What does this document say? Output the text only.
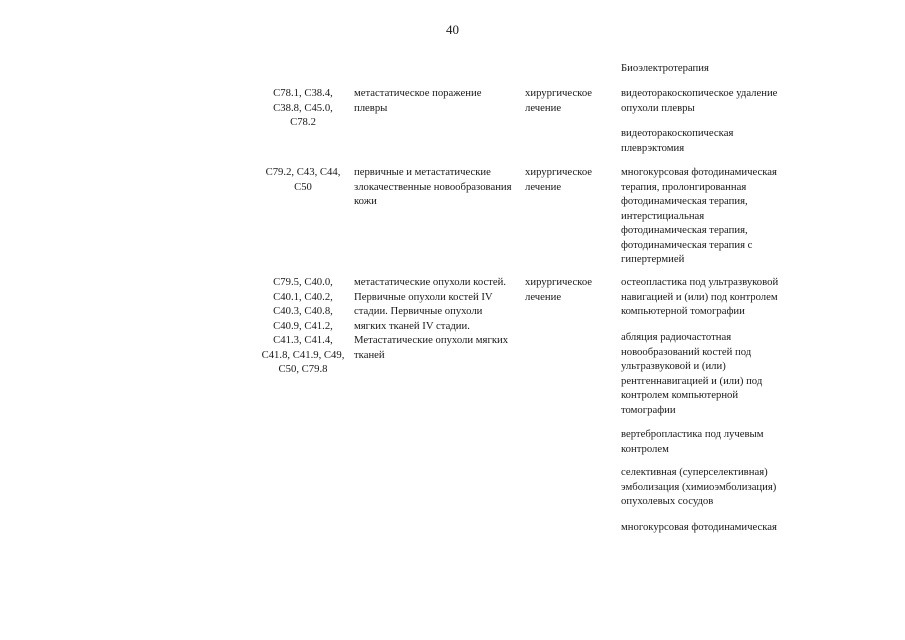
40
Биоэлектротерапия
C78.1, C38.4,
C38.8, C45.0,
C78.2
метастатическое поражение
плевры
хирургическое
лечение
видеоторакоскопическое удаление
опухоли плевры
видеоторакоскопическая
плеврэктомия
C79.2, C43, C44,
C50
первичные и метастатические
злокачественные новообразования
кожи
хирургическое
лечение
многокурсовая фотодинамическая
терапия, пролонгированная
фотодинамическая терапия,
интерстициальная
фотодинамическая терапия,
фотодинамическая терапия с
гипертермией
C79.5, C40.0,
C40.1, C40.2,
C40.3, C40.8,
C40.9, C41.2,
C41.3, C41.4,
C41.8, C41.9, C49,
C50, C79.8
метастатические опухоли костей.
Первичные опухоли костей IV
стадии. Первичные опухоли
мягких тканей IV стадии.
Метастатические опухоли мягких
тканей
хирургическое
лечение
остеопластика под ультразвуковой
навигацией и (или) под контролем
компьютерной томографии
абляция радиочастотная
новообразований костей под
ультразвуковой и (или)
рентгеннавигацией и (или) под
контролем компьютерной
томографии
вертебропластика под лучевым
контролем
селективная (суперселективная)
эмболизация (химиоэмболизация)
опухолевых сосудов
многокурсовая фотодинамическая
